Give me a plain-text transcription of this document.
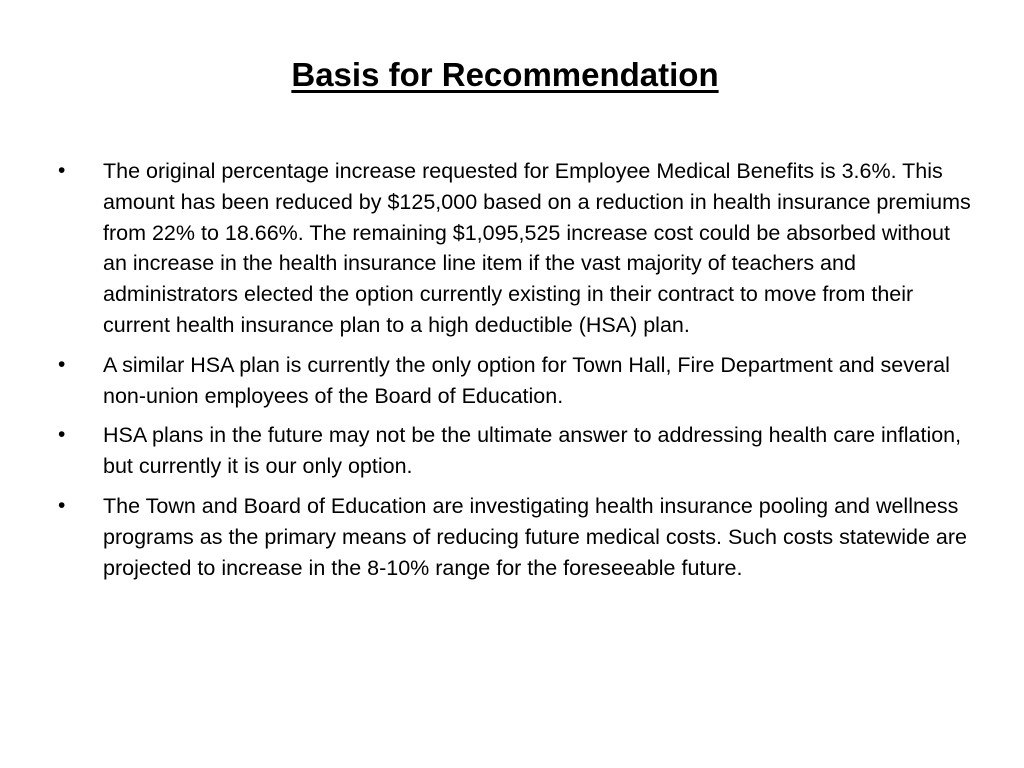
Basis for Recommendation
• The original percentage increase requested for Employee Medical Benefits is 3.6%. This amount has been reduced by $125,000 based on a reduction in health insurance premiums from 22% to 18.66%. The remaining $1,095,525 increase cost could be absorbed without an increase in the health insurance line item if the vast majority of teachers and administrators elected the option currently existing in their contract to move from their current health insurance plan to a high deductible (HSA) plan.
• A similar HSA plan is currently the only option for Town Hall, Fire Department and several non-union employees of the Board of Education.
• HSA plans in the future may not be the ultimate answer to addressing health care inflation, but currently it is our only option.
• The Town and Board of Education are investigating health insurance pooling and wellness programs as the primary means of reducing future medical costs. Such costs statewide are projected to increase in the 8-10% range for the foreseeable future.
